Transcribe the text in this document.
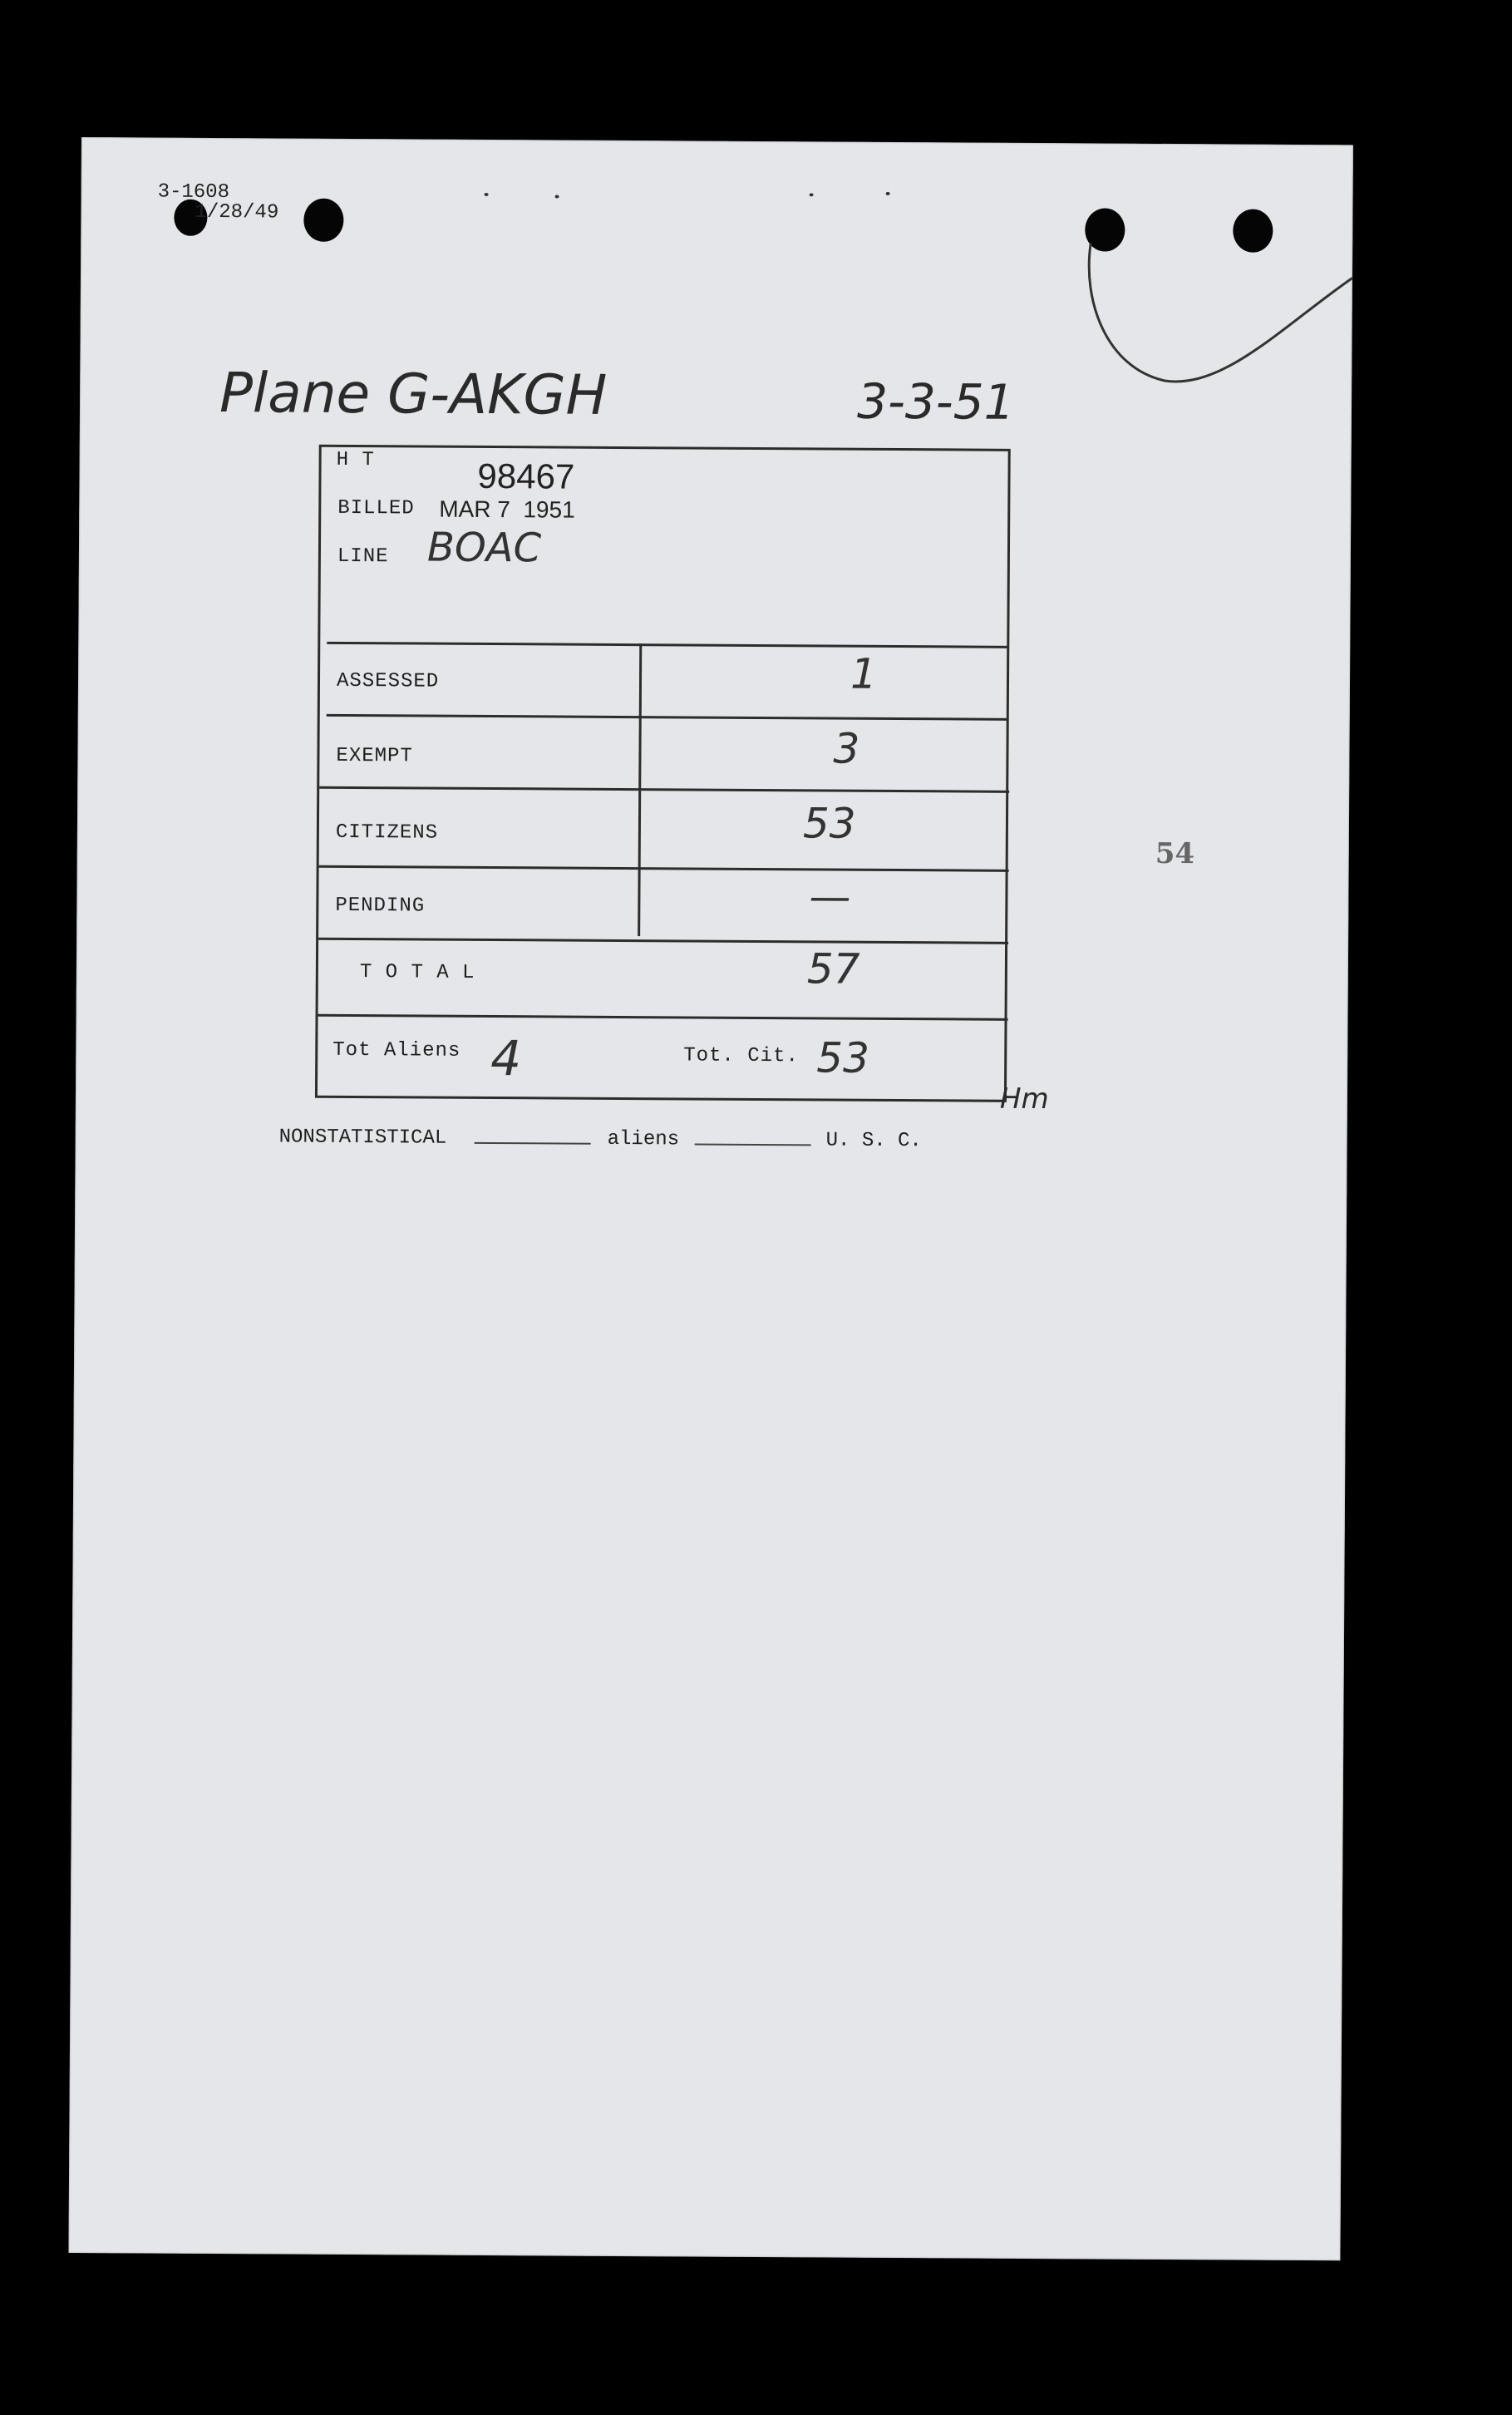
3-1608
1/28/49
Plane G-AKGH	3-3-51
H T	98467
BILLED MAR 7  1951
LINE BOAC
ASSESSED	1
EXEMPT	3
CITIZENS	53
PENDING	—
T O T A L	57
Tot Aliens 4	Tot. Cit. 53
Hm
NONSTATISTICAL	aliens	U. S. C.
54
